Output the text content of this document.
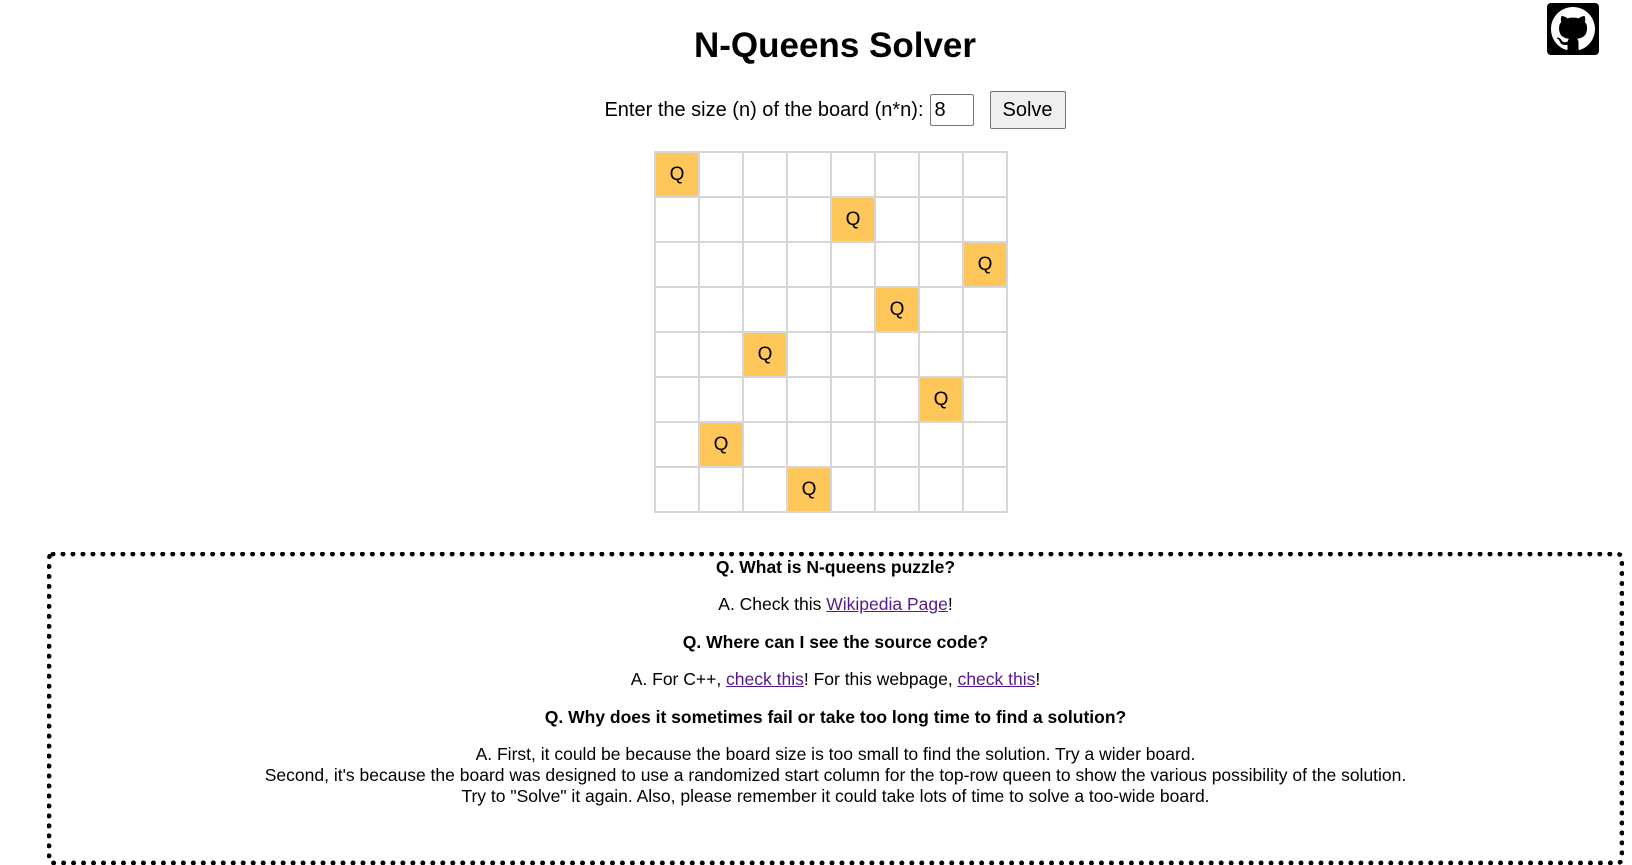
N-Queens Solver
Enter the size (n) of the board (n*n):
8	Solve
Q							
				Q			
							Q
					Q		
		Q					
						Q	
	Q						
			Q				

Q. What is N-queens puzzle?

A. Check this Wikipedia Page!

Q. Where can I see the source code?

A. For C++, check this! For this webpage, check this!

Q. Why does it sometimes fail or take too long time to find a solution?

A. First, it could be because the board size is too small to find the solution. Try a wider board.

Second, it's because the board was designed to use a randomized start column for the top-row queen to show the various possibility of the solution.

Try to "Solve" it again. Also, please remember it could take lots of time to solve a too-wide board.
